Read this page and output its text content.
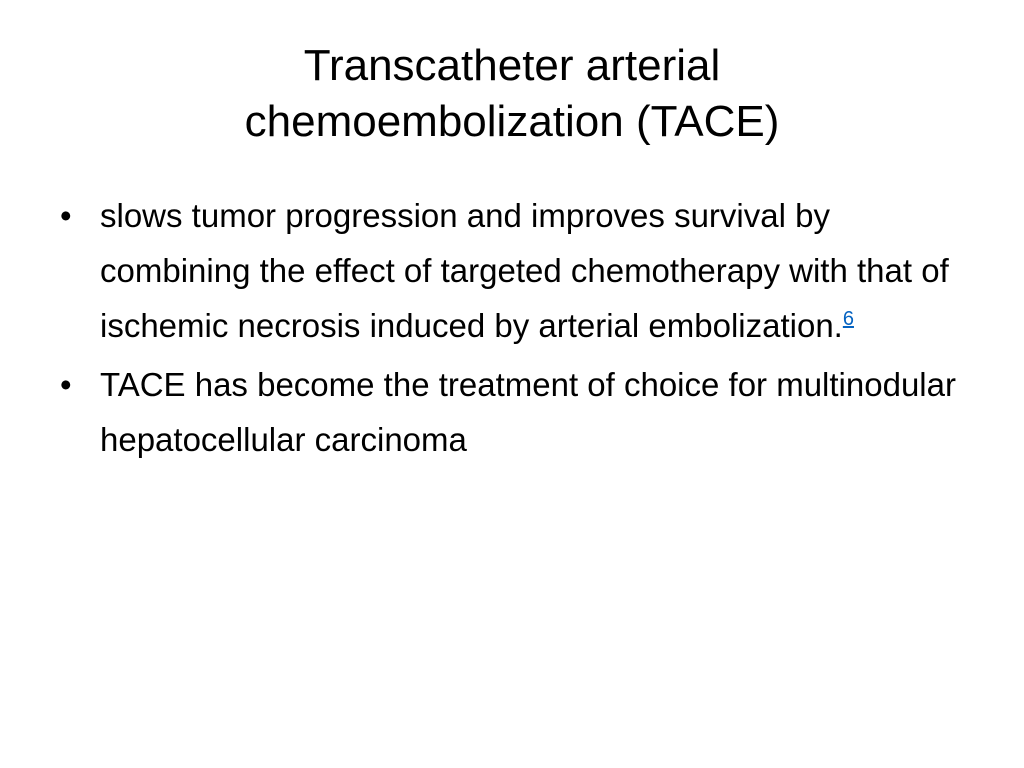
Transcatheter arterial
chemoembolization (TACE)
• slows tumor progression and improves survival by combining the effect of targeted chemotherapy with that of ischemic necrosis induced by arterial embolization.$^6$
• TACE has become the treatment of choice for multinodular hepatocellular carcinoma
